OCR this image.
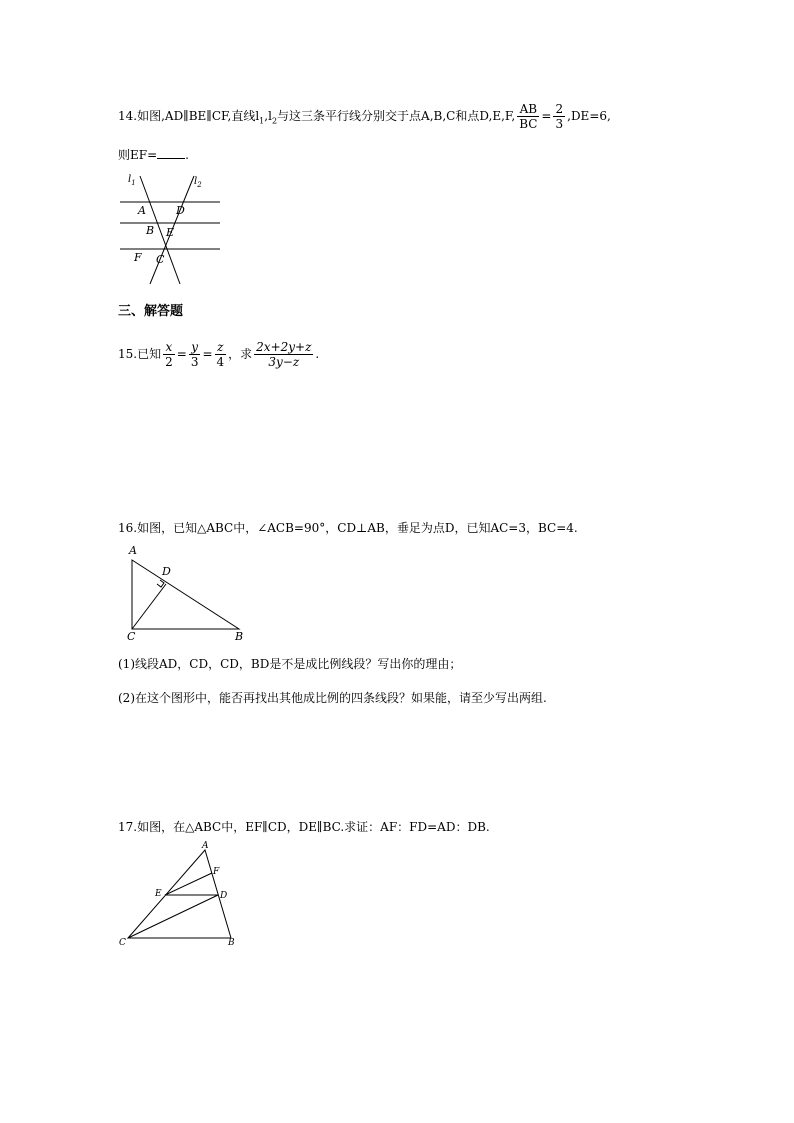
14.如图,AD∥BE∥CF,直线$l_1,l_2$与这三条平行线分别交于点A,B,C和点D,E,F, $\frac{AB}{BC} = \frac{2}{3} ,DE=6$,
则EF= .
$l_1$	$l_2$
A	D
B E
F C
三、解答题
15.已知 $\frac{x}{2} = \frac{y}{3} = \frac{z}{4}$ ，求 $\frac{2x+2y+z}{3y-z}$ .
16.如图，已知△ABC中，∠ACB=90°，CD⊥AB，垂足为点D，已知AC=3，BC=4.
A
D
C	B
(1)线段AD，CD，CD，BD是不是成比例线段？写出你的理由；
(2)在这个图形中，能否再找出其他成比例的四条线段？如果能，请至少写出两组.
17.如图，在△ABC中，EF∥CD，DE∥BC.求证：AF：FD=AD：DB.
A
F
E	D
C	B
